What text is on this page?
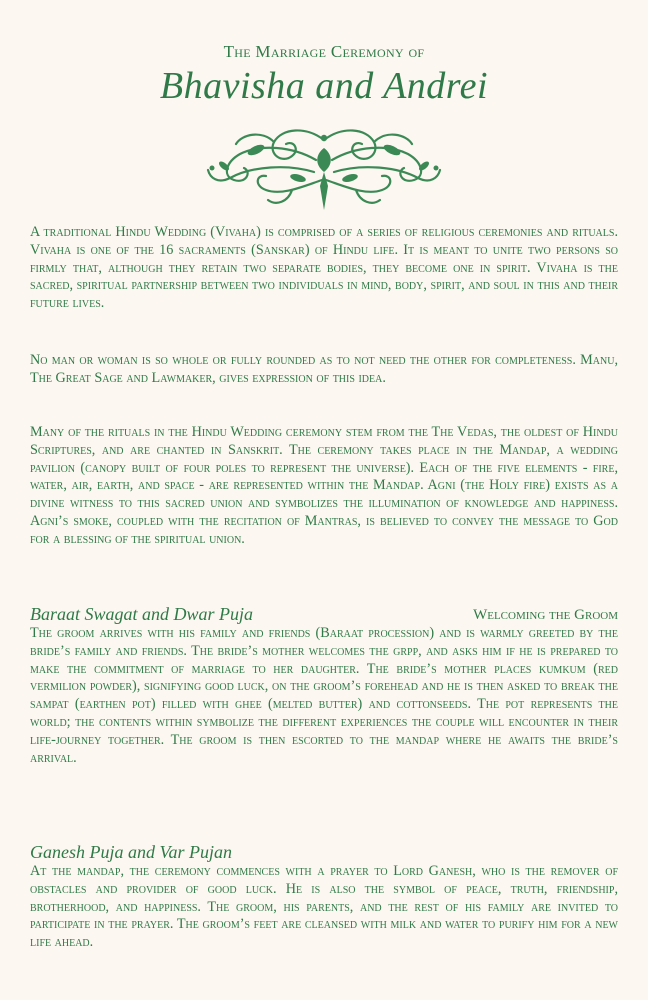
The Marriage Ceremony of
Bhavisha and Andrei
A traditional Hindu Wedding (Vivaha) is comprised of a series of religious ceremonies and rituals. Vivaha is one of the 16 sacraments (Sanskar) of Hindu life. It is meant to unite two persons so firmly that, although they retain two separate bodies, they become one in spirit. Vivaha is the sacred, spiritual partnership between two individuals in mind, body, spirit, and soul in this and their future lives.
No man or woman is so whole or fully rounded as to not need the other for completeness. Manu, The Great Sage and Lawmaker, gives expression of this idea.
Many of the rituals in the Hindu Wedding ceremony stem from the The Vedas, the oldest of Hindu Scriptures, and are chanted in Sanskrit. The ceremony takes place in the Mandap, a wedding pavilion (canopy built of four poles to represent the universe). Each of the five elements - fire, water, air, earth, and space - are represented within the Mandap. Agni (the Holy fire) exists as a divine witness to this sacred union and symbolizes the illumination of knowledge and happiness. Agni’s smoke, coupled with the recitation of Mantras, is believed to convey the message to God for a blessing of the spiritual union.
Baraat Swagat and Dwar Puja	Welcoming the Groom
The groom arrives with his family and friends (Baraat procession) and is warmly greeted by the bride’s family and friends. The bride’s mother welcomes the grpp, and asks him if he is prepared to make the commitment of marriage to her daughter. The bride’s mother places kumkum (red vermilion powder), signifying good luck, on the groom’s forehead and he is then asked to break the sampat (earthen pot) filled with ghee (melted butter) and cottonseeds. The pot represents the world; the contents within symbolize the different experiences the couple will encounter in their life-journey together. The groom is then escorted to the mandap where he awaits the bride’s arrival.
Ganesh Puja and Var Pujan
At the mandap, the ceremony commences with a prayer to Lord Ganesh, who is the remover of obstacles and provider of good luck. He is also the symbol of peace, truth, friendship, brotherhood, and happiness. The groom, his parents, and the rest of his family are invited to participate in the prayer. The groom’s feet are cleansed with milk and water to purify him for a new life ahead.
